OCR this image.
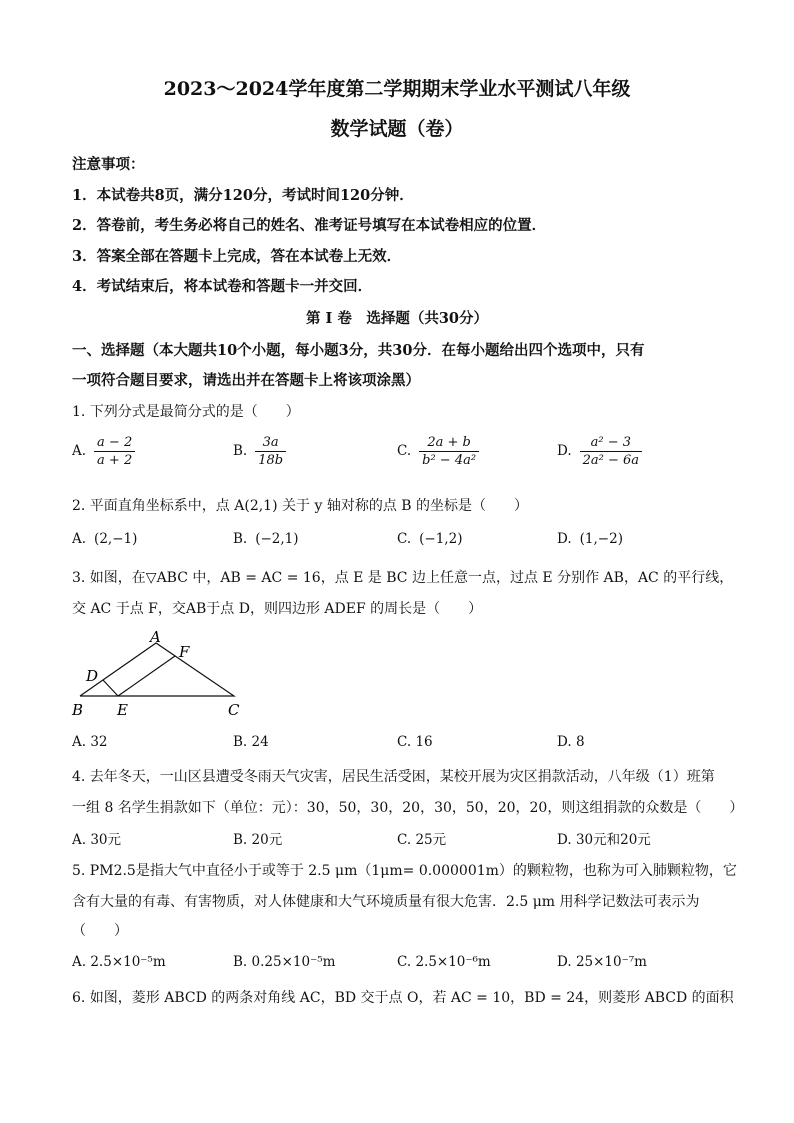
2023～2024学年度第二学期期末学业水平测试八年级
数学试题（卷）
注意事项：
1．本试卷共8页，满分120分，考试时间120分钟．
2．答卷前，考生务必将自己的姓名、准考证号填写在本试卷相应的位置．
3．答案全部在答题卡上完成，答在本试卷上无效．
4．考试结束后，将本试卷和答题卡一并交回．
第 I 卷　选择题（共30分）
一、选择题（本大题共10个小题，每小题3分，共30分．在每小题给出四个选项中，只有
一项符合题目要求，请选出并在答题卡上将该项涂黑）
1. 下列分式是最简分式的是（　　）
A. $\frac{a - 2}{a + 2}$	B. $\frac{3a}{18b}$	C. $\frac{2a + b}{\text{b² − 4a²}}$	D. $\frac{\text{a² − 3}}{\text{2a² − 6a}}$
2. 平面直角坐标系中，点 A(2,1) 关于 y 轴对称的点 B 的坐标是（　　）
A. (2,−1)	B. (−2,1)	C. (−1,2)	D. (1,−2)
3. 如图，在▽ABC 中，AB = AC = 16，点 E 是 BC 边上任意一点，过点 E 分别作 AB，AC 的平行线，
交 AC 于点 F，交AB于点 D，则四边形 ADEF 的周长是（　　）
A
F
D
B E	C
A. 32	B. 24	C. 16	D. 8
4. 去年冬天，一山区县遭受冬雨天气灾害，居民生活受困，某校开展为灾区捐款活动，八年级（1）班第
一组 8 名学生捐款如下（单位：元）：30，50，30，20，30，50，20，20，则这组捐款的众数是（　　）
A. 30元	B. 20元	C. 25元	D. 30元和20元
5. PM2.5是指大气中直径小于或等于 2.5 μm（1μm= 0.000001m）的颗粒物，也称为可入肺颗粒物，它
含有大量的有毒、有害物质，对人体健康和大气环境质量有很大危害．2.5 μm 用科学记数法可表示为
（　　）
A. 2.5×10⁻⁵m	B. 0.25×10⁻⁵m	C. 2.5×10⁻⁶m	D. 25×10⁻⁷m
6. 如图，菱形 ABCD 的两条对角线 AC，BD 交于点 O，若 AC = 10，BD = 24，则菱形 ABCD 的面积
